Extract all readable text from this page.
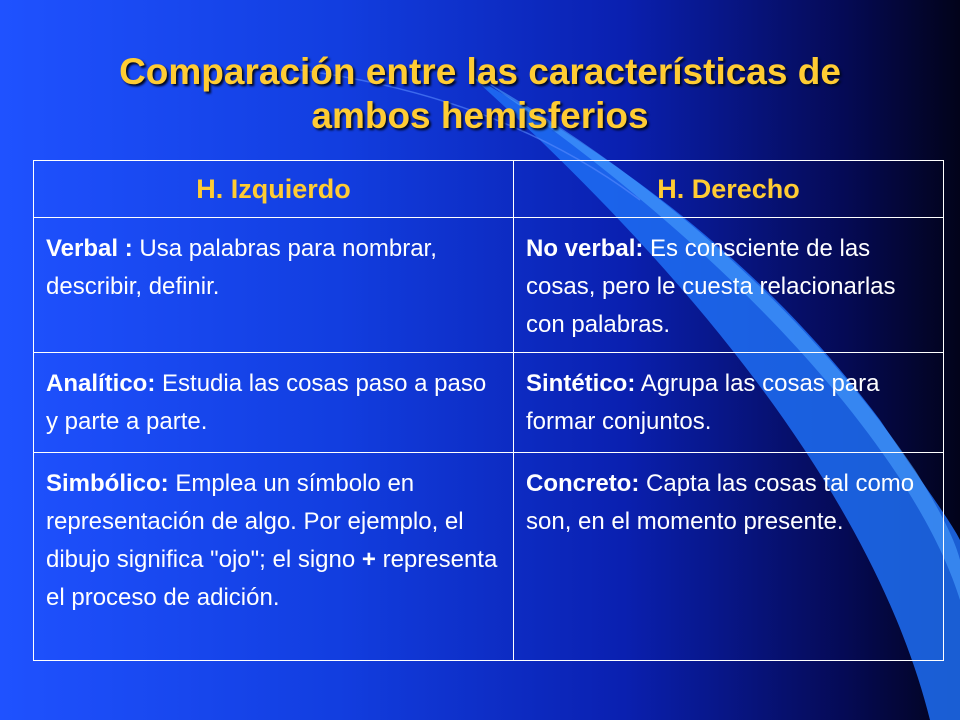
Comparación entre las características de
ambos hemisferios
H. Izquierdo	H. Derecho
Verbal : Usa palabras para nombrar, describir, definir.	No verbal: Es consciente de las cosas, pero le cuesta relacionarlas con palabras.
Analítico: Estudia las cosas paso a paso y parte a parte.	Sintético: Agrupa las cosas para formar conjuntos.
Simbólico: Emplea un símbolo en representación de algo. Por ejemplo, el dibujo significa "ojo"; el signo + representa el proceso de adición.	Concreto: Capta las cosas tal como son, en el momento presente.
